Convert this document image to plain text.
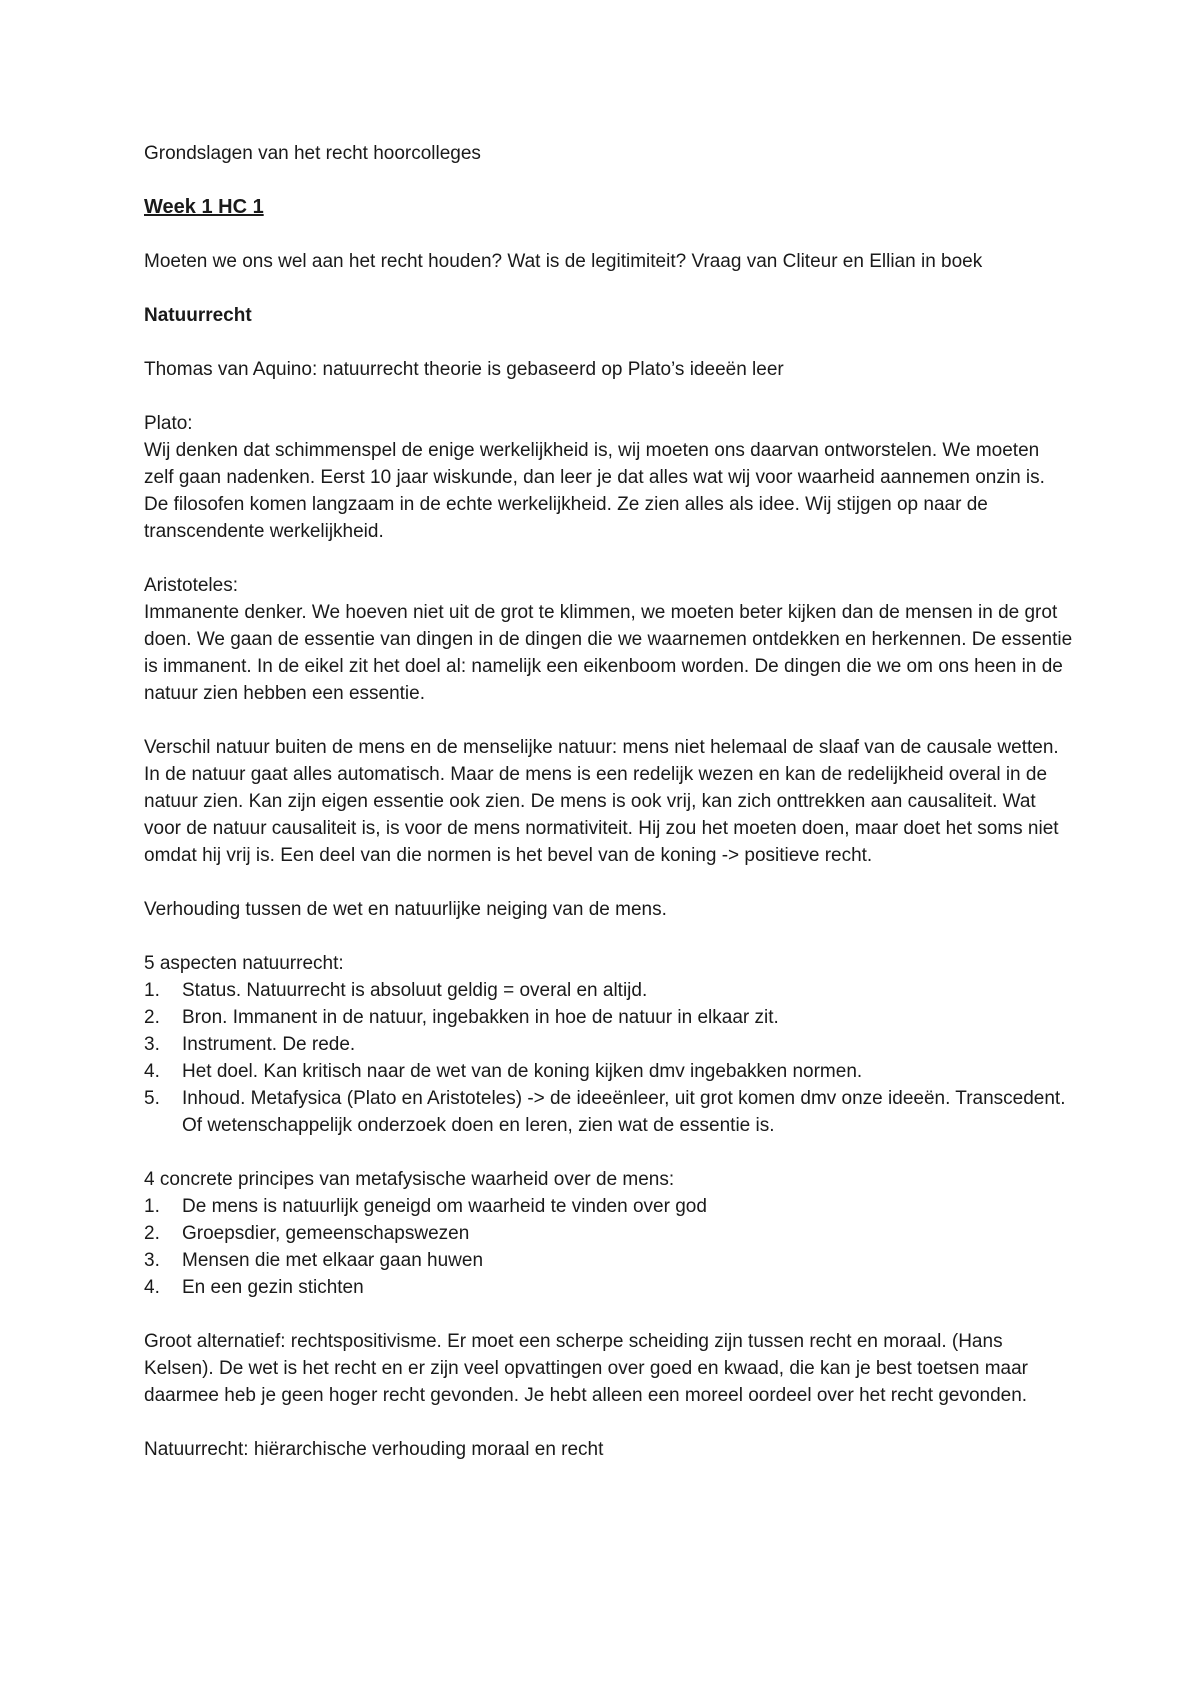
Grondslagen van het recht hoorcolleges

Week 1 HC 1

Moeten we ons wel aan het recht houden? Wat is de legitimiteit? Vraag van Cliteur en Ellian in boek

Natuurrecht

Thomas van Aquino: natuurrecht theorie is gebaseerd op Plato’s ideeën leer

Plato:
Wij denken dat schimmenspel de enige werkelijkheid is, wij moeten ons daarvan ontworstelen. We moeten zelf gaan nadenken. Eerst 10 jaar wiskunde, dan leer je dat alles wat wij voor waarheid aannemen onzin is. De filosofen komen langzaam in de echte werkelijkheid. Ze zien alles als idee. Wij stijgen op naar de transcendente werkelijkheid.
Aristoteles:
Immanente denker. We hoeven niet uit de grot te klimmen, we moeten beter kijken dan de mensen in de grot doen. We gaan de essentie van dingen in de dingen die we waarnemen ontdekken en herkennen. De essentie is immanent. In de eikel zit het doel al: namelijk een eikenboom worden. De dingen die we om ons heen in de natuur zien hebben een essentie.

Verschil natuur buiten de mens en de menselijke natuur: mens niet helemaal de slaaf van de causale wetten. In de natuur gaat alles automatisch. Maar de mens is een redelijk wezen en kan de redelijkheid overal in de natuur zien. Kan zijn eigen essentie ook zien. De mens is ook vrij, kan zich onttrekken aan causaliteit. Wat voor de natuur causaliteit is, is voor de mens normativiteit. Hij zou het moeten doen, maar doet het soms niet omdat hij vrij is. Een deel van die normen is het bevel van de koning -> positieve recht.

Verhouding tussen de wet en natuurlijke neiging van de mens.

5 aspecten natuurrecht:

1. Status. Natuurrecht is absoluut geldig = overal en altijd.
2. Bron. Immanent in de natuur, ingebakken in hoe de natuur in elkaar zit.
3. Instrument. De rede.
4. Het doel. Kan kritisch naar de wet van de koning kijken dmv ingebakken normen.
5. Inhoud. Metafysica (Plato en Aristoteles) -> de ideeënleer, uit grot komen dmv onze ideeën. Transcedent. Of wetenschappelijk onderzoek doen en leren, zien wat de essentie is.

4 concrete principes van metafysische waarheid over de mens:

1. De mens is natuurlijk geneigd om waarheid te vinden over god
2. Groepsdier, gemeenschapswezen
3. Mensen die met elkaar gaan huwen
4. En een gezin stichten

Groot alternatief: rechtspositivisme. Er moet een scherpe scheiding zijn tussen recht en moraal. (Hans Kelsen). De wet is het recht en er zijn veel opvattingen over goed en kwaad, die kan je best toetsen maar daarmee heb je geen hoger recht gevonden. Je hebt alleen een moreel oordeel over het recht gevonden.

Natuurrecht: hiërarchische verhouding moraal en recht
